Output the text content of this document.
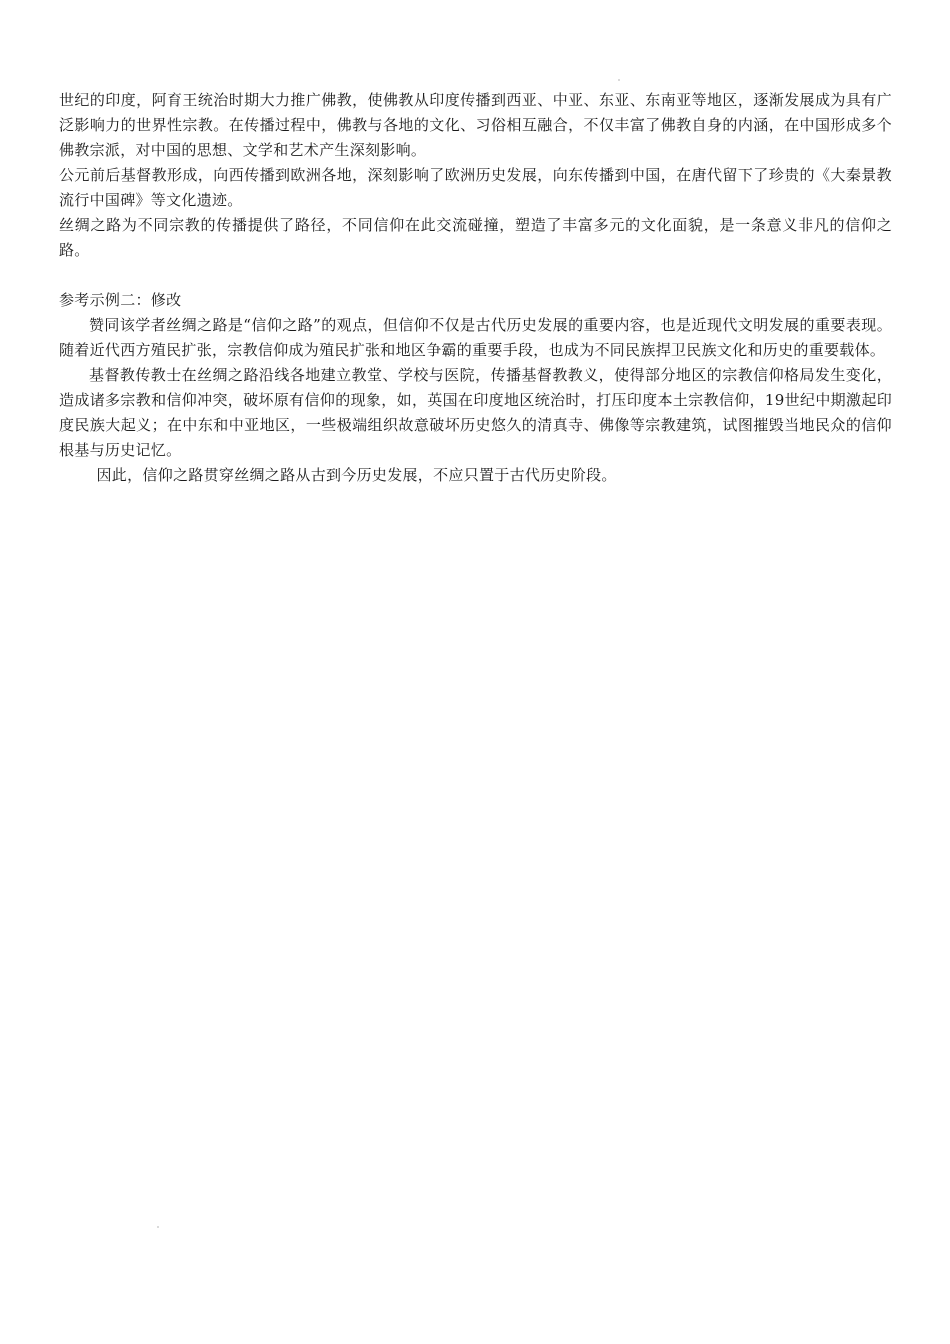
世纪的印度，阿育王统治时期大力推广佛教，使佛教从印度传播到西亚、中亚、东亚、东南亚等地区，逐渐发展成为具有广泛影响力的世界性宗教。在传播过程中，佛教与各地的文化、习俗相互融合，不仅丰富了佛教自身的内涵，在中国形成多个佛教宗派，对中国的思想、文学和艺术产生深刻影响。

公元前后基督教形成，向西传播到欧洲各地，深刻影响了欧洲历史发展，向东传播到中国，在唐代留下了珍贵的《大秦景教流行中国碑》等文化遗迹。

丝绸之路为不同宗教的传播提供了路径，不同信仰在此交流碰撞，塑造了丰富多元的文化面貌，是一条意义非凡的信仰之路。

参考示例二：修改

赞同该学者丝绸之路是“信仰之路”的观点，但信仰不仅是古代历史发展的重要内容，也是近现代文明发展的重要表现。随着近代西方殖民扩张，宗教信仰成为殖民扩张和地区争霸的重要手段，也成为不同民族捍卫民族文化和历史的重要载体。

基督教传教士在丝绸之路沿线各地建立教堂、学校与医院，传播基督教教义，使得部分地区的宗教信仰格局发生变化，造成诸多宗教和信仰冲突，破坏原有信仰的现象，如，英国在印度地区统治时，打压印度本土宗教信仰，19世纪中期激起印度民族大起义；在中东和中亚地区，一些极端组织故意破坏历史悠久的清真寺、佛像等宗教建筑，试图摧毁当地民众的信仰根基与历史记忆。

因此，信仰之路贯穿丝绸之路从古到今历史发展，不应只置于古代历史阶段。
